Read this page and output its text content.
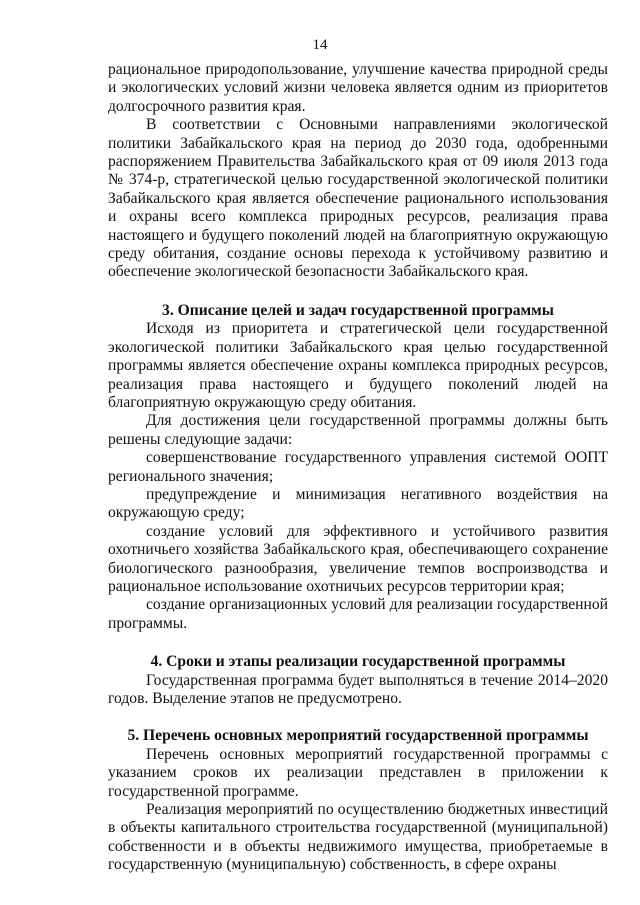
14

рациональное природопользование, улучшение качества природной среды и экологических условий жизни человека является одним из приоритетов долгосрочного развития края.

В соответствии с Основными направлениями экологической политики Забайкальского края на период до 2030 года, одобренными распоряжением Правительства Забайкальского края от 09 июля 2013 года № 374-р, стратегической целью государственной экологической политики Забайкальского края является обеспечение рационального использования и охраны всего комплекса природных ресурсов, реализация права настоящего и будущего поколений людей на благоприятную окружающую среду обитания, создание основы перехода к устойчивому развитию и обеспечение экологической безопасности Забайкальского края.

3. Описание целей и задач государственной программы

Исходя из приоритета и стратегической цели государственной экологической политики Забайкальского края целью государственной программы является обеспечение охраны комплекса природных ресурсов, реализация права настоящего и будущего поколений людей на благоприятную окружающую среду обитания.

Для достижения цели государственной программы должны быть решены следующие задачи:

совершенствование государственного управления системой ООПТ регионального значения;

предупреждение и минимизация негативного воздействия на окружающую среду;

создание условий для эффективного и устойчивого развития охотничьего хозяйства Забайкальского края, обеспечивающего сохранение биологического разнообразия, увеличение темпов воспроизводства и рациональное использование охотничьих ресурсов территории края;

создание организационных условий для реализации государственной программы.

4. Сроки и этапы реализации государственной программы

Государственная программа будет выполняться в течение 2014–2020 годов. Выделение этапов не предусмотрено.

5. Перечень основных мероприятий государственной программы

Перечень основных мероприятий государственной программы с указанием сроков их реализации представлен в приложении к государственной программе.

Реализация мероприятий по осуществлению бюджетных инвестиций в объекты капитального строительства государственной (муниципальной) собственности и в объекты недвижимого имущества, приобретаемые в государственную (муниципальную) собственность, в сфере охраны
